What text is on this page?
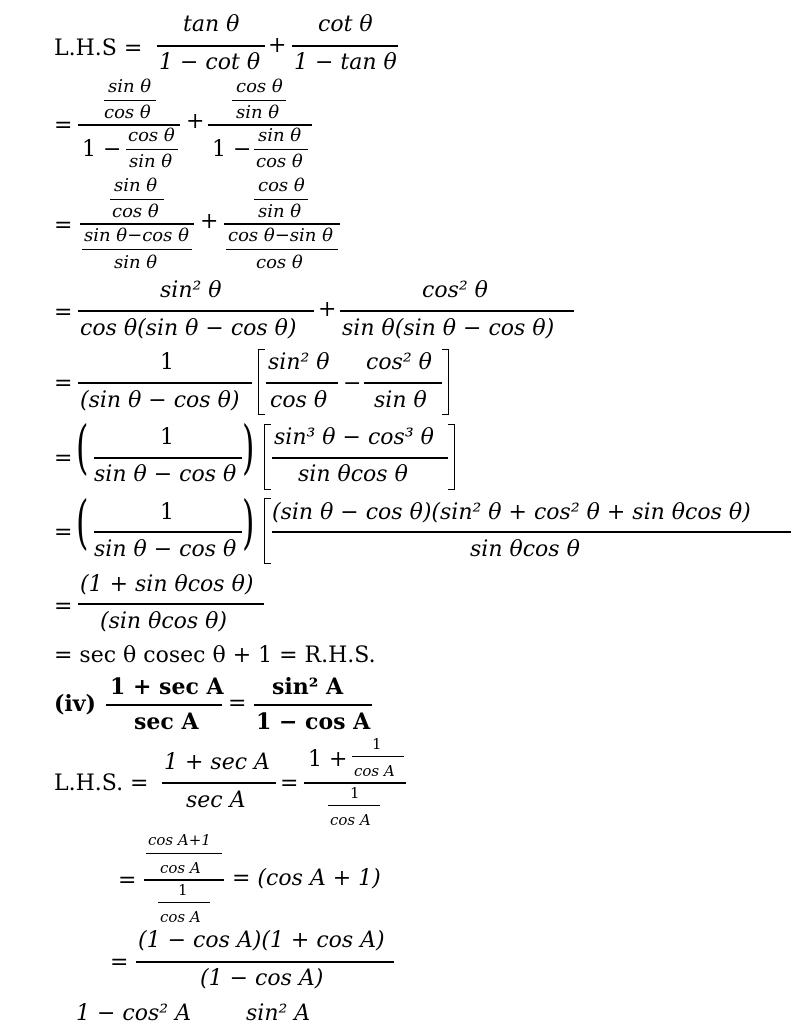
L.H.S =
tan θ
1 − cot θ
+
cot θ
1 − tan θ
=
sin θ
cos θ
1 −
cos θ
sin θ
+
cos θ
sin θ
1 −
sin θ
cos θ
=
sin θ
cos θ
sin θ−cos θ
sin θ
+
cos θ
sin θ
cos θ−sin θ
cos θ
=
sin² θ
cos θ(sin θ − cos θ)
+
cos² θ
sin θ(sin θ − cos θ)
=
1
(sin θ − cos θ)
sin² θ
cos θ
−
cos² θ
sin θ
= (	1
sin θ − cos θ ) sin³ θ − cos³ θ
sin θcos θ
= (	1
sin θ − cos θ ) (sin θ − cos θ)(sin² θ + cos² θ + sin θcos θ)
sin θcos θ
=
(1 + sin θcos θ)
(sin θcos θ)
= sec θ cosec θ + 1 = R.H.S.
(iv)
1 + sec A
sec A
=
sin² A
1 − cos A
L.H.S. =
1 + sec A
sec A
=
1 +
1
cos A
1
cos A
=
cos A+1
cos A
1
cos A
= (cos A + 1)
=
(1 − cos A)(1 + cos A)
(1 − cos A)
1 − cos² A	sin² A
